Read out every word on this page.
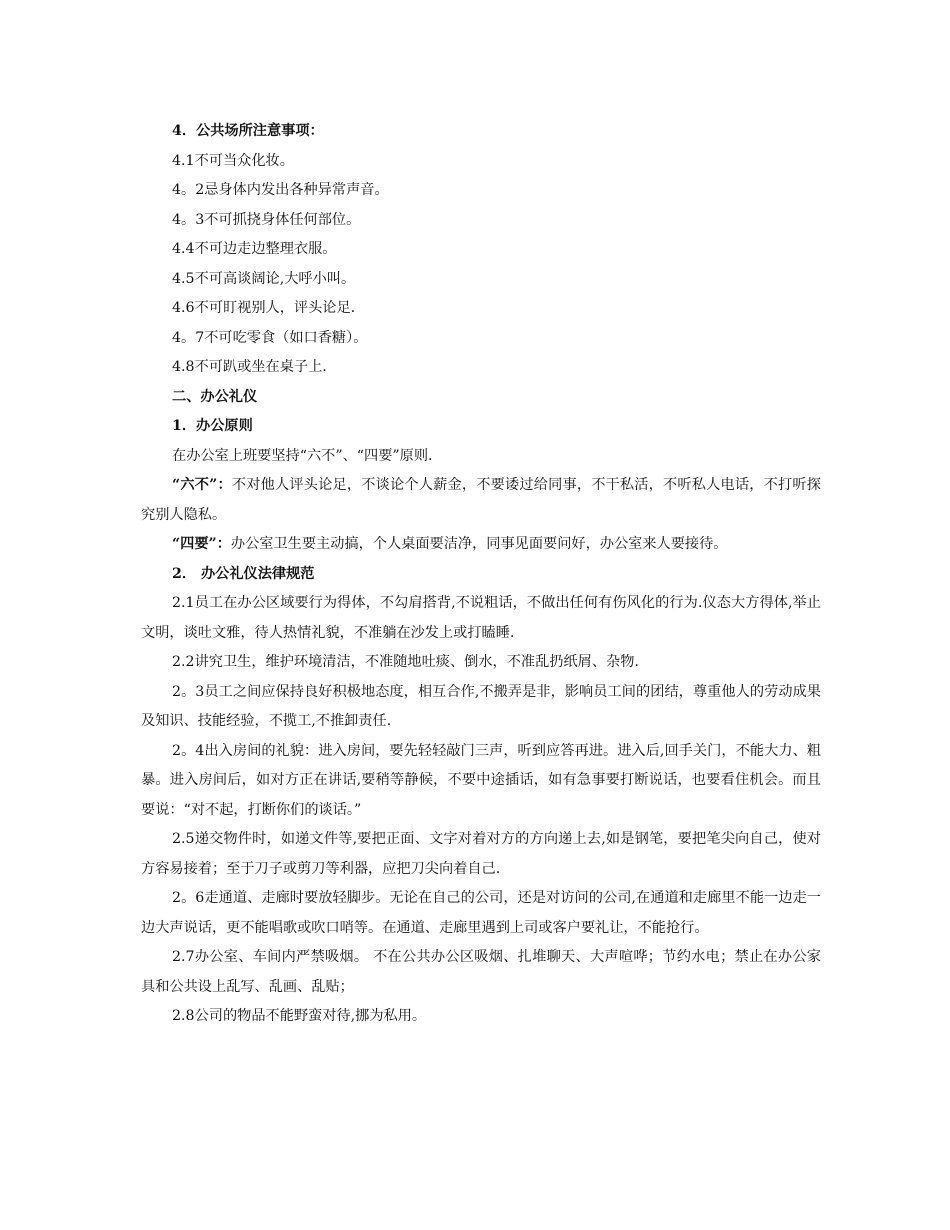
4．公共场所注意事项：
4.1不可当众化妆。
4。2忌身体内发出各种异常声音。
4。3不可抓挠身体任何部位。
4.4不可边走边整理衣服。
4.5不可高谈阔论,大呼小叫。
4.6不可盯视别人，评头论足.
4。7不可吃零食（如口香糖）。
4.8不可趴或坐在桌子上.
二、办公礼仪
1．办公原则
在办公室上班要坚持“六不”、“四要”原则.

“六不”：不对他人评头论足，不谈论个人薪金，不要诿过给同事，不干私活，不听私人电话，不打听探究别人隐私。

“四要”：办公室卫生要主动搞，个人桌面要洁净，同事见面要问好，办公室来人要接待。

2． 办公礼仪法律规范

2.1员工在办公区域要行为得体，不勾肩搭背,不说粗话，不做出任何有伤风化的行为.仪态大方得体,举止文明，谈吐文雅，待人热情礼貌，不准躺在沙发上或打瞌睡.

2.2讲究卫生，维护环境清洁，不准随地吐痰、倒水，不准乱扔纸屑、杂物.

2。3员工之间应保持良好积极地态度，相互合作,不搬弄是非，影响员工间的团结，尊重他人的劳动成果及知识、技能经验，不揽工,不推卸责任.

2。4出入房间的礼貌：进入房间，要先轻轻敲门三声，听到应答再进。进入后,回手关门，不能大力、粗暴。进入房间后，如对方正在讲话,要稍等静候，不要中途插话，如有急事要打断说话，也要看住机会。而且要说：“对不起，打断你们的谈话。”

2.5递交物件时，如递文件等,要把正面、文字对着对方的方向递上去,如是钢笔，要把笔尖向自己，使对方容易接着；至于刀子或剪刀等利器，应把刀尖向着自己.

2。6走通道、走廊时要放轻脚步。无论在自己的公司，还是对访问的公司,在通道和走廊里不能一边走一边大声说话，更不能唱歌或吹口哨等。在通道、走廊里遇到上司或客户要礼让，不能抢行。

2.7办公室、车间内严禁吸烟。 不在公共办公区吸烟、扎堆聊天、大声喧哗；节约水电；禁止在办公家具和公共设上乱写、乱画、乱贴；

2.8公司的物品不能野蛮对待,挪为私用。
